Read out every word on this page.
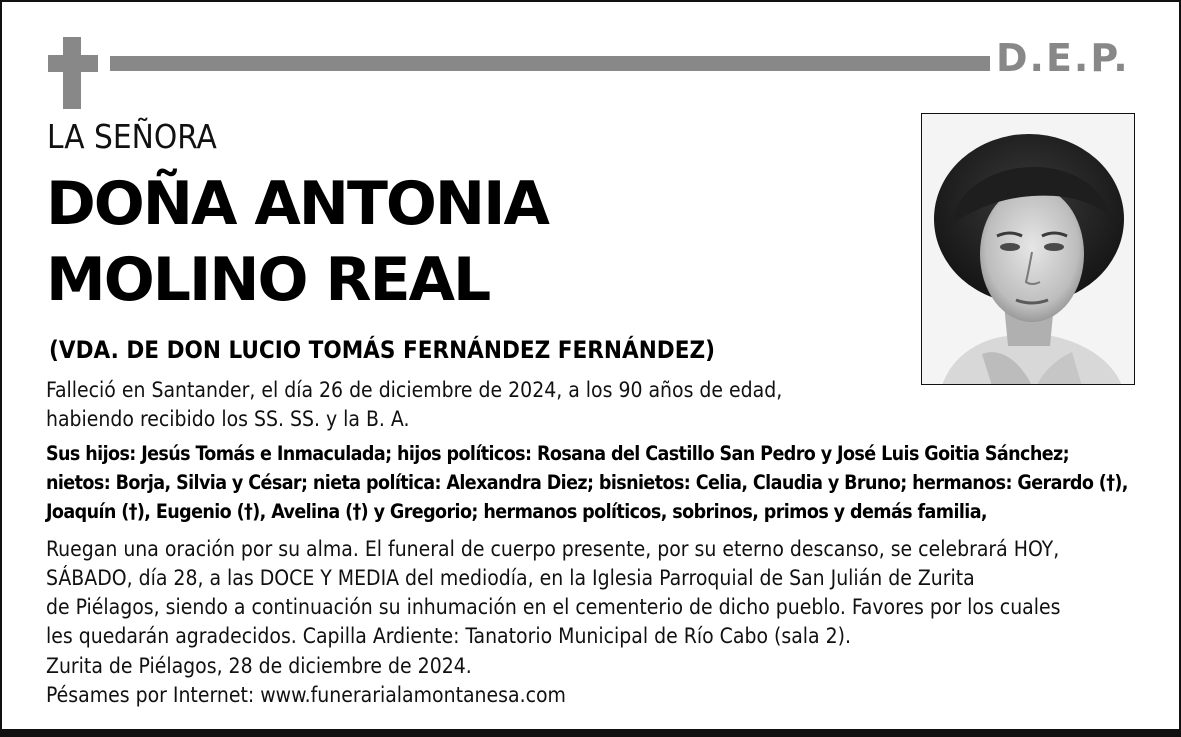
D.E.P.
LA SEÑORA
DOÑA ANTONIA
MOLINO REAL
(VDA. DE DON LUCIO TOMÁS FERNÁNDEZ FERNÁNDEZ)
Falleció en Santander, el día 26 de diciembre de 2024, a los 90 años de edad,
habiendo recibido los SS. SS. y la B. A.
Sus hijos: Jesús Tomás e Inmaculada; hijos políticos: Rosana del Castillo San Pedro y José Luis Goitia Sánchez;
nietos: Borja, Silvia y César; nieta política: Alexandra Diez; bisnietos: Celia, Claudia y Bruno; hermanos: Gerardo (†),
Joaquín (†), Eugenio (†), Avelina (†) y Gregorio; hermanos políticos, sobrinos, primos y demás familia,
Ruegan una oración por su alma. El funeral de cuerpo presente, por su eterno descanso, se celebrará HOY,
SÁBADO, día 28, a las DOCE Y MEDIA del mediodía, en la Iglesia Parroquial de San Julián de Zurita
de Piélagos, siendo a continuación su inhumación en el cementerio de dicho pueblo. Favores por los cuales
les quedarán agradecidos. Capilla Ardiente: Tanatorio Municipal de Río Cabo (sala 2).
Zurita de Piélagos, 28 de diciembre de 2024.
Pésames por Internet: www.funerarialamontanesa.com
